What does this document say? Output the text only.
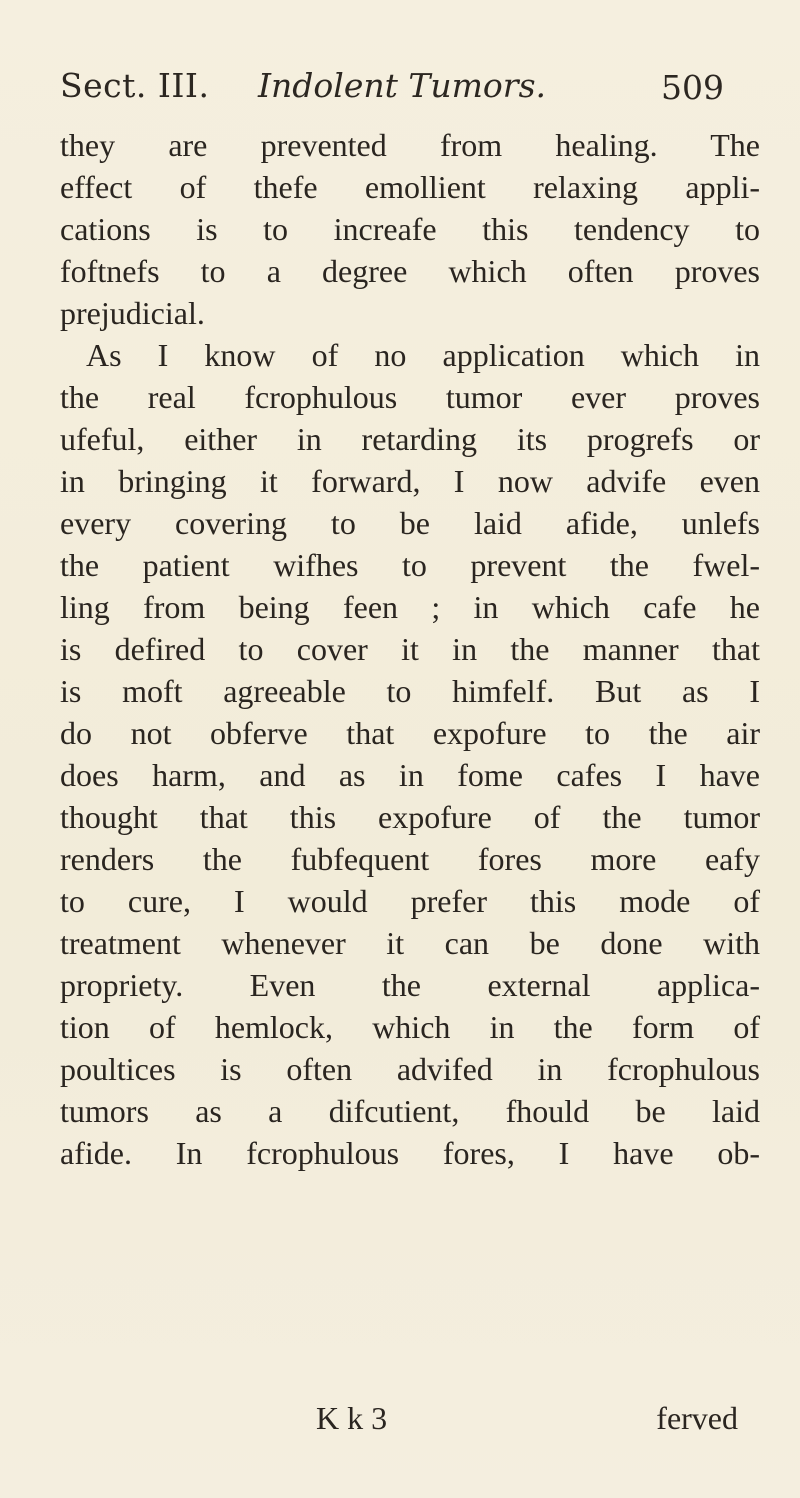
Sect. III. Indolent Tumors.	509
they are prevented from healing. The
effect of thefe emollient relaxing appli-
cations is to increafe this tendency to
foftnefs to a degree which often proves
prejudicial.
As I know of no application which in
the real fcrophulous tumor ever proves
ufeful, either in retarding its progrefs or
in bringing it forward, I now advife even
every covering to be laid afide, unlefs
the patient wifhes to prevent the fwel-
ling from being feen ; in which cafe he
is defired to cover it in the manner that
is moft agreeable to himfelf. But as I
do not obferve that expofure to the air
does harm, and as in fome cafes I have
thought that this expofure of the tumor
renders the fubfequent fores more eafy
to cure, I would prefer this mode of
treatment whenever it can be done with
propriety. Even the external applica-
tion of hemlock, which in the form of
poultices is often advifed in fcrophulous
tumors as a difcutient, fhould be laid
afide. In fcrophulous fores, I have ob-
K k 3	ferved
